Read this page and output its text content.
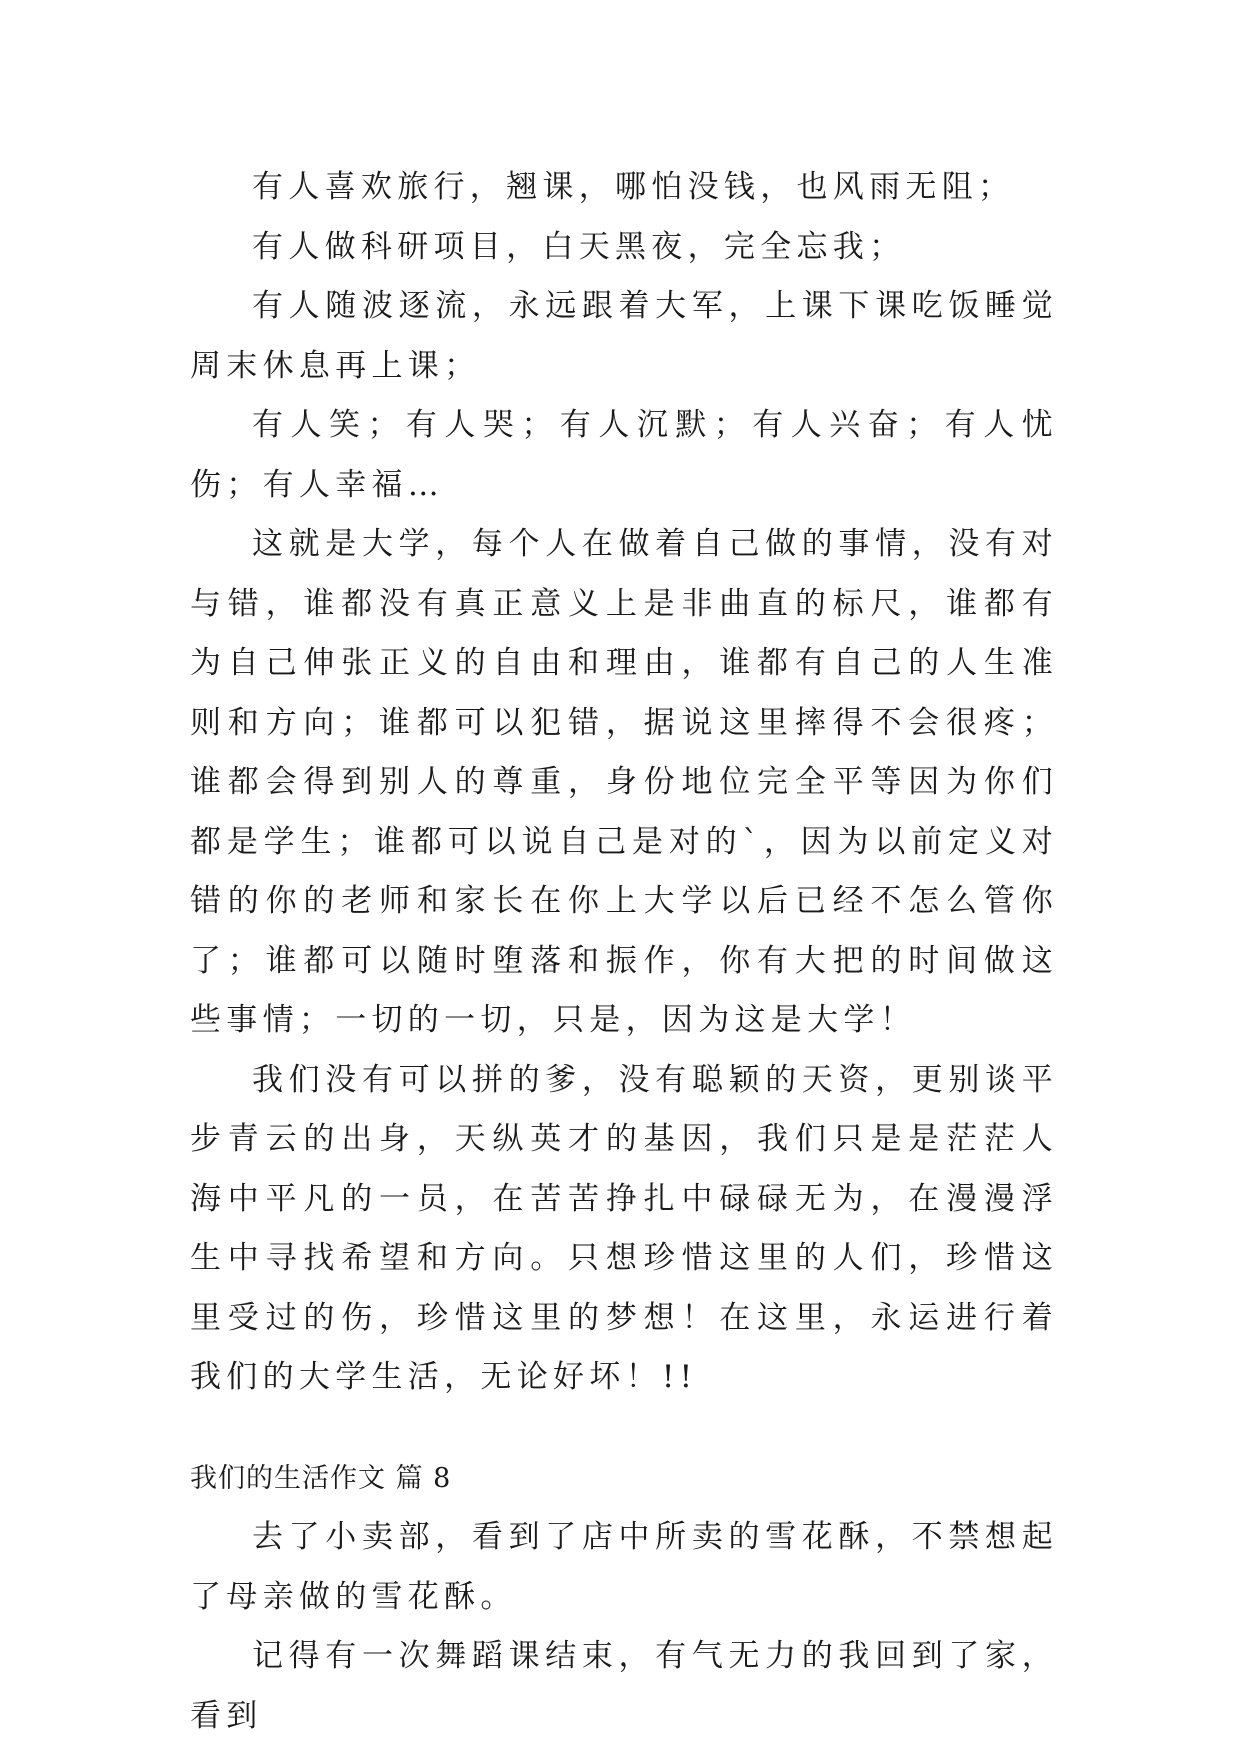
有人喜欢旅行，翘课，哪怕没钱，也风雨无阻；

有人做科研项目，白天黑夜，完全忘我；

有人随波逐流，永远跟着大军，上课下课吃饭睡觉周末休息再上课；

有人笑；有人哭；有人沉默；有人兴奋；有人忧伤；有人幸福…

这就是大学，每个人在做着自己做的事情，没有对与错，谁都没有真正意义上是非曲直的标尺，谁都有为自己伸张正义的自由和理由，谁都有自己的人生准则和方向；谁都可以犯错，据说这里摔得不会很疼；谁都会得到别人的尊重，身份地位完全平等因为你们都是学生；谁都可以说自己是对的`，因为以前定义对错的你的老师和家长在你上大学以后已经不怎么管你了；谁都可以随时堕落和振作，你有大把的时间做这些事情；一切的一切，只是，因为这是大学！

我们没有可以拼的爹，没有聪颖的天资，更别谈平步青云的出身，天纵英才的基因，我们只是是茫茫人海中平凡的一员，在苦苦挣扎中碌碌无为，在漫漫浮生中寻找希望和方向。只想珍惜这里的人们，珍惜这里受过的伤，珍惜这里的梦想！在这里，永运进行着我们的大学生活，无论好坏！!!

我们的生活作文 篇 8

去了小卖部，看到了店中所卖的雪花酥，不禁想起了母亲做的雪花酥。

记得有一次舞蹈课结束，有气无力的我回到了家，看到
